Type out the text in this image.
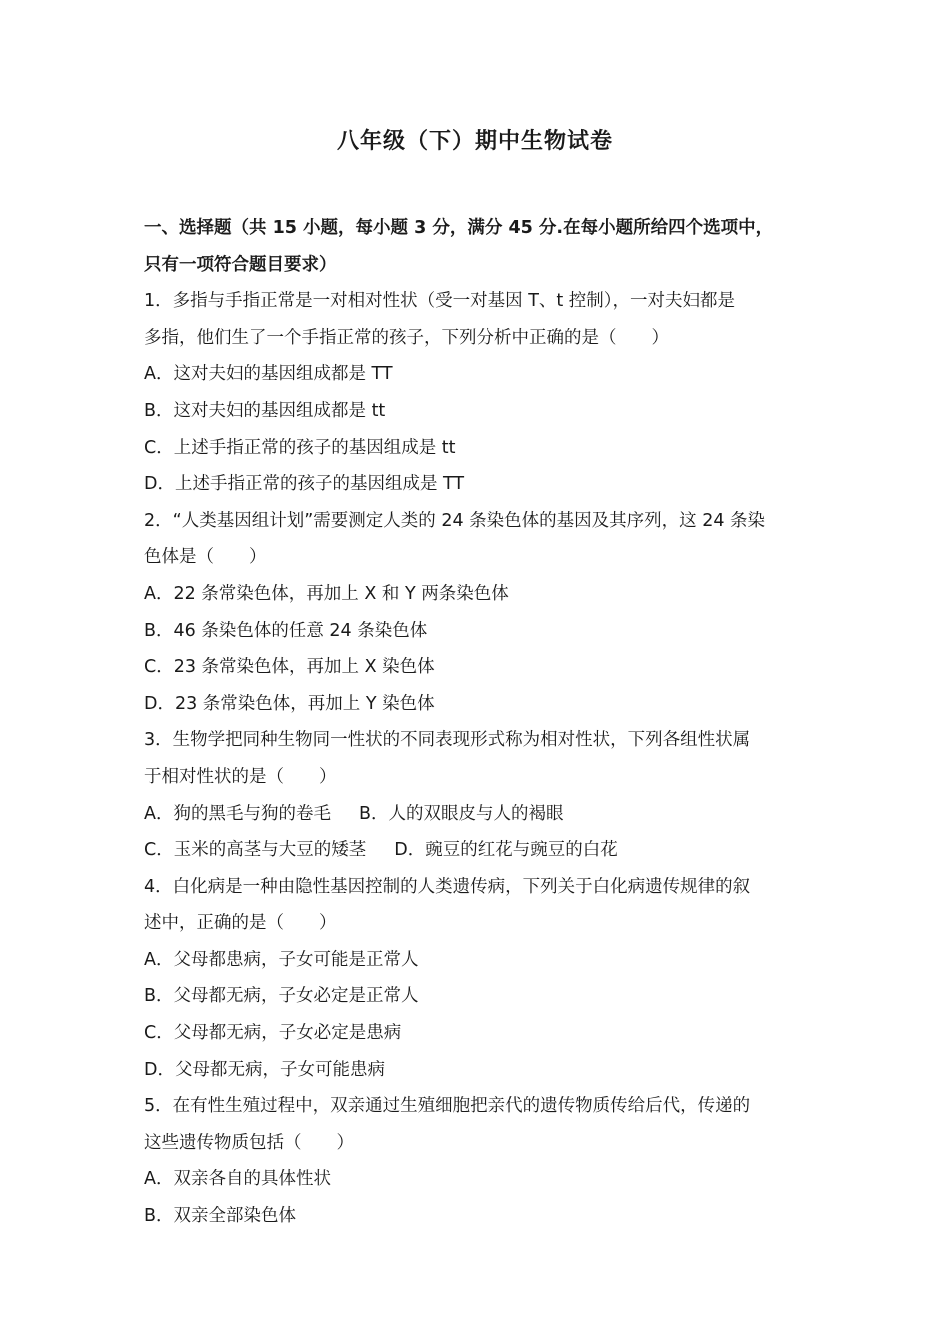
八年级（下）期中生物试卷
一、选择题（共 15 小题，每小题 3 分，满分 45 分.在每小题所给四个选项中，
只有一项符合题目要求）
1．多指与手指正常是一对相对性状（受一对基因 T、t 控制），一对夫妇都是
多指，他们生了一个手指正常的孩子，下列分析中正确的是（　　）
A．这对夫妇的基因组成都是 TT
B．这对夫妇的基因组成都是 tt
C．上述手指正常的孩子的基因组成是 tt
D．上述手指正常的孩子的基因组成是 TT
2．“人类基因组计划”需要测定人类的 24 条染色体的基因及其序列，这 24 条染
色体是（　　）
A．22 条常染色体，再加上 X 和 Y 两条染色体
B．46 条染色体的任意 24 条染色体
C．23 条常染色体，再加上 X 染色体
D．23 条常染色体，再加上 Y 染色体
3．生物学把同种生物同一性状的不同表现形式称为相对性状，下列各组性状属
于相对性状的是（　　）
A．狗的黑毛与狗的卷毛 B．人的双眼皮与人的褐眼
C．玉米的高茎与大豆的矮茎 D．豌豆的红花与豌豆的白花
4．白化病是一种由隐性基因控制的人类遗传病，下列关于白化病遗传规律的叙
述中，正确的是（　　）
A．父母都患病，子女可能是正常人
B．父母都无病，子女必定是正常人
C．父母都无病，子女必定是患病
D．父母都无病，子女可能患病
5．在有性生殖过程中，双亲通过生殖细胞把亲代的遗传物质传给后代，传递的
这些遗传物质包括（　　）
A．双亲各自的具体性状
B．双亲全部染色体
